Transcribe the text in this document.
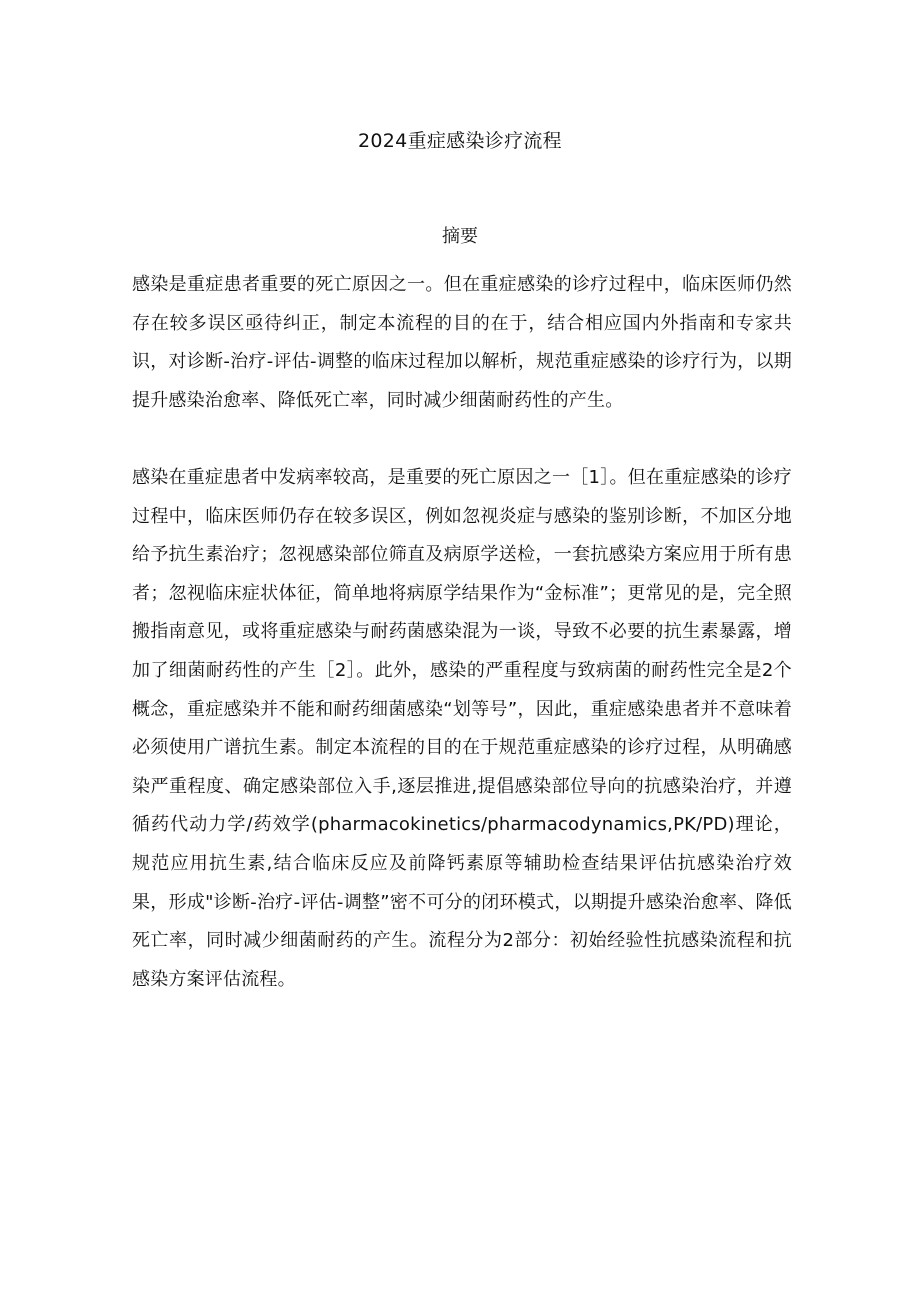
2024重症感染诊疗流程
摘要
感染是重症患者重要的死亡原因之一。但在重症感染的诊疗过程中，临床医师仍然存在较多误区亟待纠正，制定本流程的目的在于，结合相应国内外指南和专家共识，对诊断-治疗-评估-调整的临床过程加以解析，规范重症感染的诊疗行为，以期提升感染治愈率、降低死亡率，同时减少细菌耐药性的产生。
感染在重症患者中发病率较高，是重要的死亡原因之一［1］。但在重症感染的诊疗过程中，临床医师仍存在较多误区，例如忽视炎症与感染的鉴别诊断，不加区分地给予抗生素治疗；忽视感染部位筛直及病原学送检，一套抗感染方案应用于所有患者；忽视临床症状体征，简单地将病原学结果作为“金标准”；更常见的是，完全照搬指南意见，或将重症感染与耐药菌感染混为一谈，导致不必要的抗生素暴露，增加了细菌耐药性的产生［2］。此外，感染的严重程度与致病菌的耐药性完全是2个概念，重症感染并不能和耐药细菌感染“划等号”，因此，重症感染患者并不意味着必须使用广谱抗生素。制定本流程的目的在于规范重症感染的诊疗过程，从明确感染严重程度、确定感染部位入手,逐层推进,提倡感染部位导向的抗感染治疗，并遵循药代动力学/药效学(pharmacokinetics/pharmacodynamics,PK/PD)理论，规范应用抗生素,结合临床反应及前降钙素原等辅助检查结果评估抗感染治疗效果，形成"诊断-治疗-评估-调整”密不可分的闭环模式，以期提升感染治愈率、降低死亡率，同时减少细菌耐药的产生。流程分为2部分：初始经验性抗感染流程和抗感染方案评估流程。
